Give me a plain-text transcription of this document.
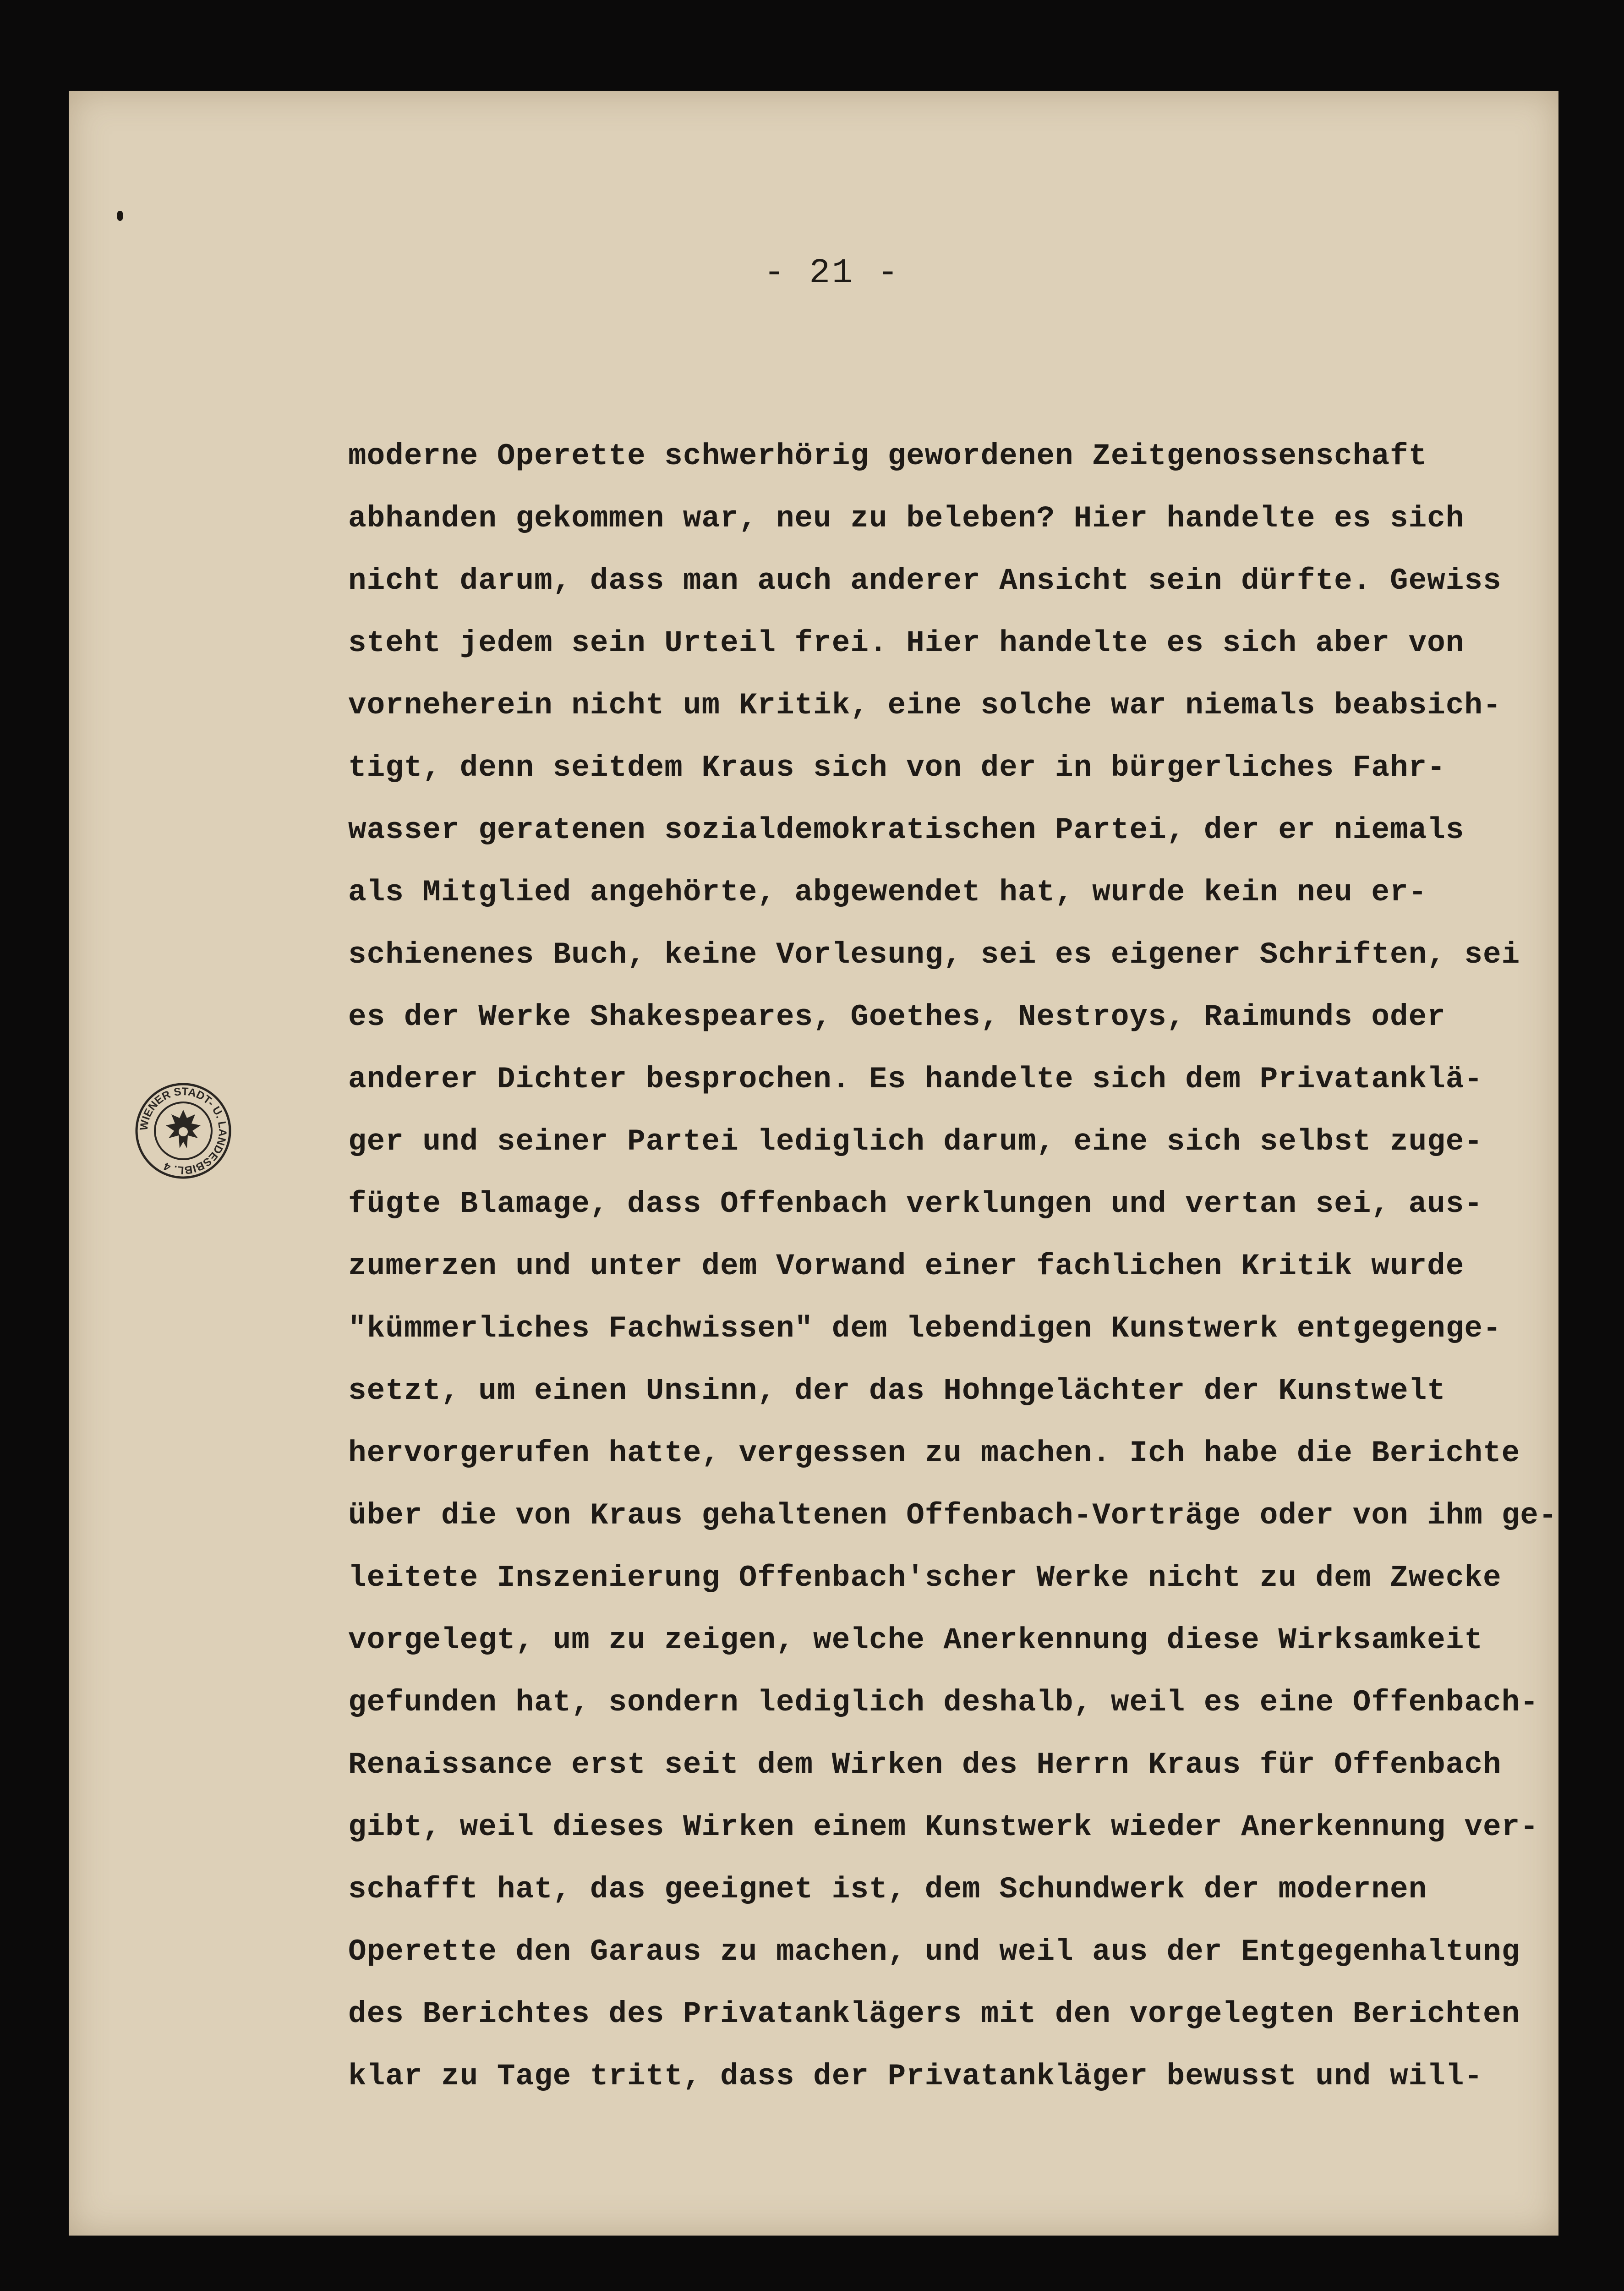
- 21 -

WIENER STADT- U. LANDESBIBL. 4
moderne Operette schwerhörig gewordenen Zeitgenossenschaft
abhanden gekommen war, neu zu beleben? Hier handelte es sich
nicht darum, dass man auch anderer Ansicht sein dürfte. Gewiss
steht jedem sein Urteil frei. Hier handelte es sich aber von
vorneherein nicht um Kritik, eine solche war niemals beabsich-
tigt, denn seitdem Kraus sich von der in bürgerliches Fahr-
wasser geratenen sozialdemokratischen Partei, der er niemals
als Mitglied angehörte, abgewendet hat, wurde kein neu er-
schienenes Buch, keine Vorlesung, sei es eigener Schriften, sei
es der Werke Shakespeares, Goethes, Nestroys, Raimunds oder
anderer Dichter besprochen. Es handelte sich dem Privatanklä-
ger und seiner Partei lediglich darum, eine sich selbst zuge-
fügte Blamage, dass Offenbach verklungen und vertan sei, aus-
zumerzen und unter dem Vorwand einer fachlichen Kritik wurde
"kümmerliches Fachwissen" dem lebendigen Kunstwerk entgegenge-
setzt, um einen Unsinn, der das Hohngelächter der Kunstwelt
hervorgerufen hatte, vergessen zu machen. Ich habe die Berichte
über die von Kraus gehaltenen Offenbach-Vorträge oder von ihm ge-
leitete Inszenierung Offenbach'scher Werke nicht zu dem Zwecke
vorgelegt, um zu zeigen, welche Anerkennung diese Wirksamkeit
gefunden hat, sondern lediglich deshalb, weil es eine Offenbach-
Renaissance erst seit dem Wirken des Herrn Kraus für Offenbach
gibt, weil dieses Wirken einem Kunstwerk wieder Anerkennung ver-
schafft hat, das geeignet ist, dem Schundwerk der modernen
Operette den Garaus zu machen, und weil aus der Entgegenhaltung
des Berichtes des Privatanklägers mit den vorgelegten Berichten
klar zu Tage tritt, dass der Privatankläger bewusst und will-
